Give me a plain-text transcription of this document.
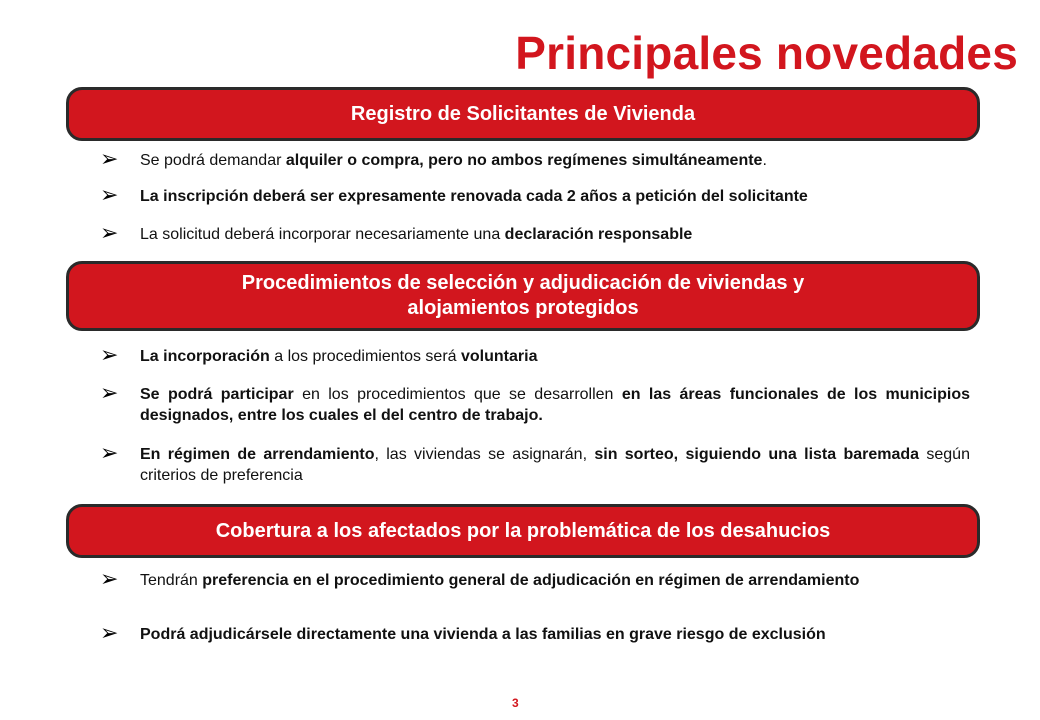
Principales novedades
Registro de Solicitantes de Vivienda
➢ Se podrá demandar alquiler o compra, pero no ambos regímenes simultáneamente.
➢ La inscripción deberá ser expresamente renovada cada 2 años a petición del solicitante
➢ La solicitud deberá incorporar necesariamente una declaración responsable
Procedimientos de selección y adjudicación de viviendas y
alojamientos protegidos
➢ La incorporación a los procedimientos será voluntaria
➢ Se podrá participar en los procedimientos que se desarrollen en las áreas funcionales de los municipios designados, entre los cuales el del centro de trabajo.
➢ En régimen de arrendamiento, las viviendas se asignarán, sin sorteo, siguiendo una lista baremada según criterios de preferencia
Cobertura a los afectados por la problemática de los desahucios
➢ Tendrán preferencia en el procedimiento general de adjudicación en régimen de arrendamiento
➢ Podrá adjudicársele directamente una vivienda a las familias en grave riesgo de exclusión
3
